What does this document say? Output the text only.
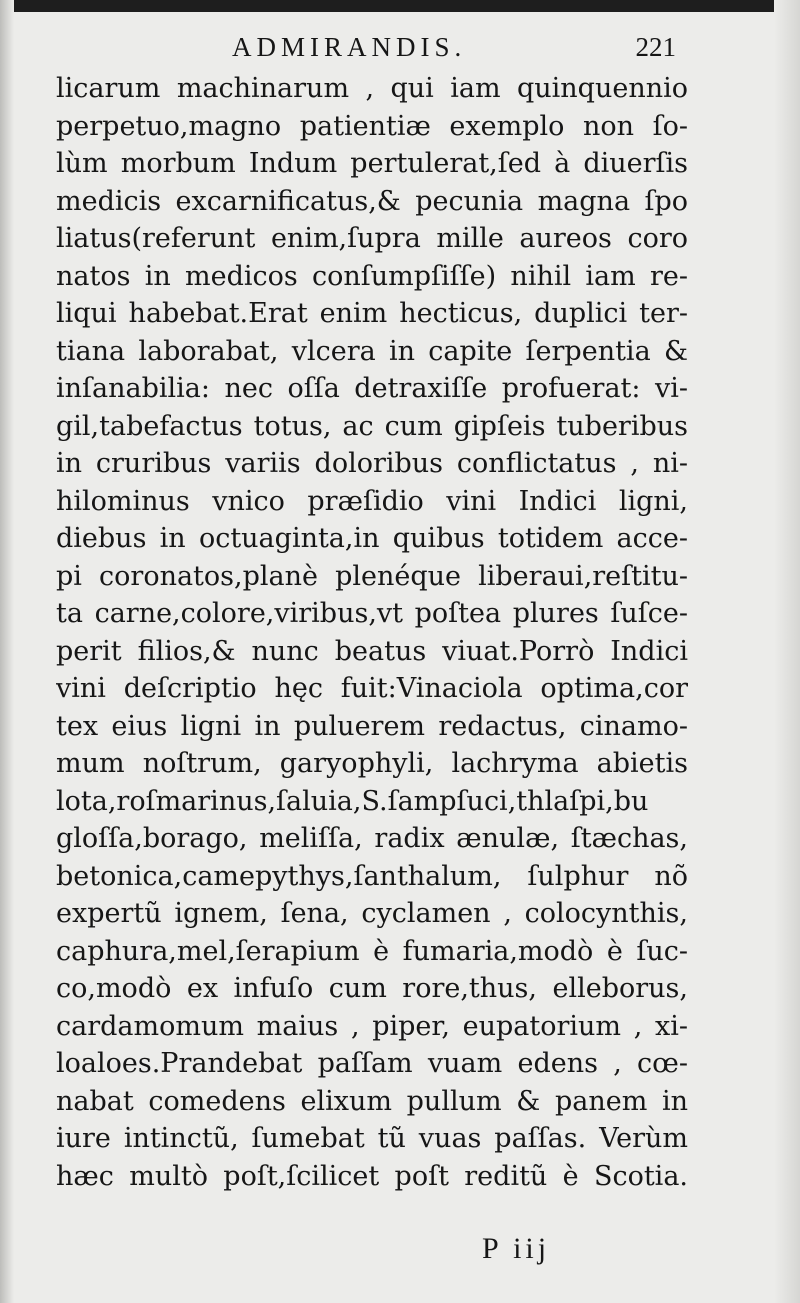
ADMIRANDIS.	221
licarum machinarum , qui iam quinquennio
perpetuo,magno patientiæ exemplo non ſo-
lùm morbum Indum pertulerat,ſed à diuerſis
medicis excarnificatus,& pecunia magna ſpo
liatus(referunt enim,ſupra mille aureos coro
natos in medicos conſumpſiſſe) nihil iam re-
liqui habebat.Erat enim hecticus, duplici ter-
tiana laborabat, vlcera in capite ſerpentia &
inſanabilia: nec oſſa detraxiſſe profuerat: vi-
gil,tabefactus totus, ac cum gipſeis tuberibus
in cruribus variis doloribus conflictatus , ni-
hilominus vnico præſidio vini Indici ligni,
diebus in octuaginta,in quibus totidem acce-
pi coronatos,planè plenéque liberaui,reſtitu-
ta carne,colore,viribus,vt poſtea plures ſuſce-
perit filios,& nunc beatus viuat.Porrò Indici
vini deſcriptio hęc fuit:Vinaciola optima,cor
tex eius ligni in puluerem redactus, cinamo-
mum noſtrum, garyophyli, lachryma abietis
lota,roſmarinus,ſaluia,S.ſampſuci,thlaſpi,bu
gloſſa,borago, meliſſa, radix ænulæ, ſtæchas,
betonica,camepythys,ſanthalum, ſulphur nõ
expertũ ignem, ſena, cyclamen , colocynthis,
caphura,mel,ſerapium è fumaria,modò è ſuc-
co,modò ex infuſo cum rore,thus, elleborus,
cardamomum maius , piper, eupatorium , xi-
loaloes.Prandebat paſſam vuam edens , cœ-
nabat comedens elixum pullum & panem in
iure intinctũ, ſumebat tũ vuas paſſas. Verùm
hæc multò poſt,ſcilicet poſt reditũ è Scotia.
P iij
